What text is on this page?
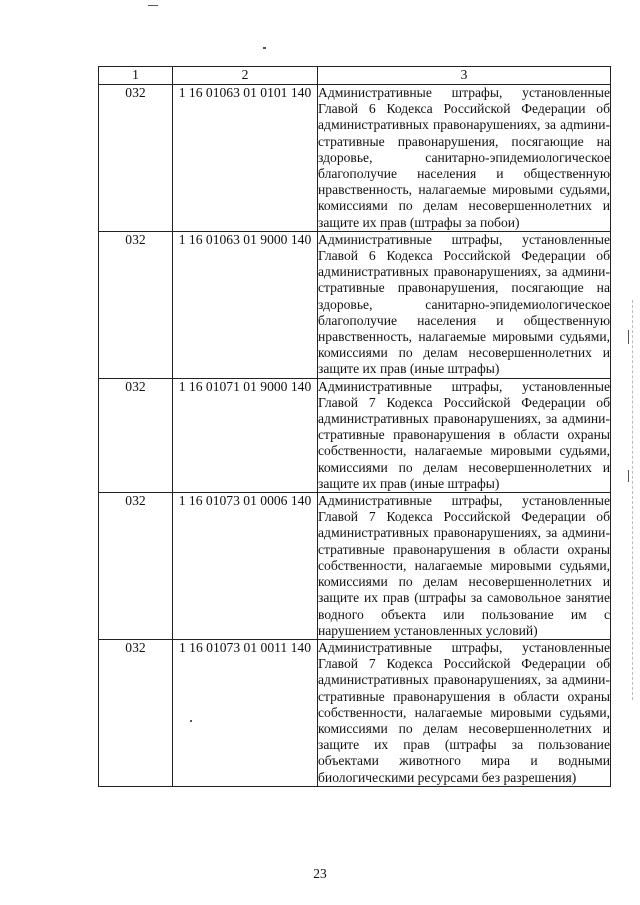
1	2	3
032	1 16 01063 01 0101 140	Административные штрафы, установленные Главой 6 Кодекса Российской Федерации об административных правонарушениях, за адmинистративные правонарушения, посягающие на здоровье, санитарно-эпидемиологическое благополучие населения и общественную нравственность, налагаемые мировыми судьями, комиссиями по делам несовершеннолетних и защите их прав (штрафы за побои)
032	1 16 01063 01 9000 140	Административные штрафы, установленные Главой 6 Кодекса Российской Федерации об административных правонарушениях, за административные правонарушения, посягающие на здоровье, санитарно-эпидемиологическое благополучие населения и общественную нравственность, налагаемые мировыми судьями, комиссиями по делам несовершеннолетних и защите их прав (иные штрафы)
032	1 16 01071 01 9000 140	Административные штрафы, установленные Главой 7 Кодекса Российской Федерации об административных правонарушениях, за административные правонарушения в области охраны собственности, налагаемые мировыми судьями, комиссиями по делам несовершеннолетних и защите их прав (иные штрафы)
032	1 16 01073 01 0006 140	Административные штрафы, установленные Главой 7 Кодекса Российской Федерации об административных правонарушениях, за административные правонарушения в области охраны собственности, налагаемые мировыми судьями, комиссиями по делам несовершеннолетних и защите их прав (штрафы за самовольное занятие водного объекта или пользование им с нарушением установленных условий)
032	1 16 01073 01 0011 140	Административные штрафы, установленные Главой 7 Кодекса Российской Федерации об административных правонарушениях, за административные правонарушения в области охраны собственности, налагаемые мировыми судьями, комиссиями по делам несовершеннолетних и защите их прав (штрафы за пользование объектами животного мира и водными биологическими ресурсами без разрешения)
23
